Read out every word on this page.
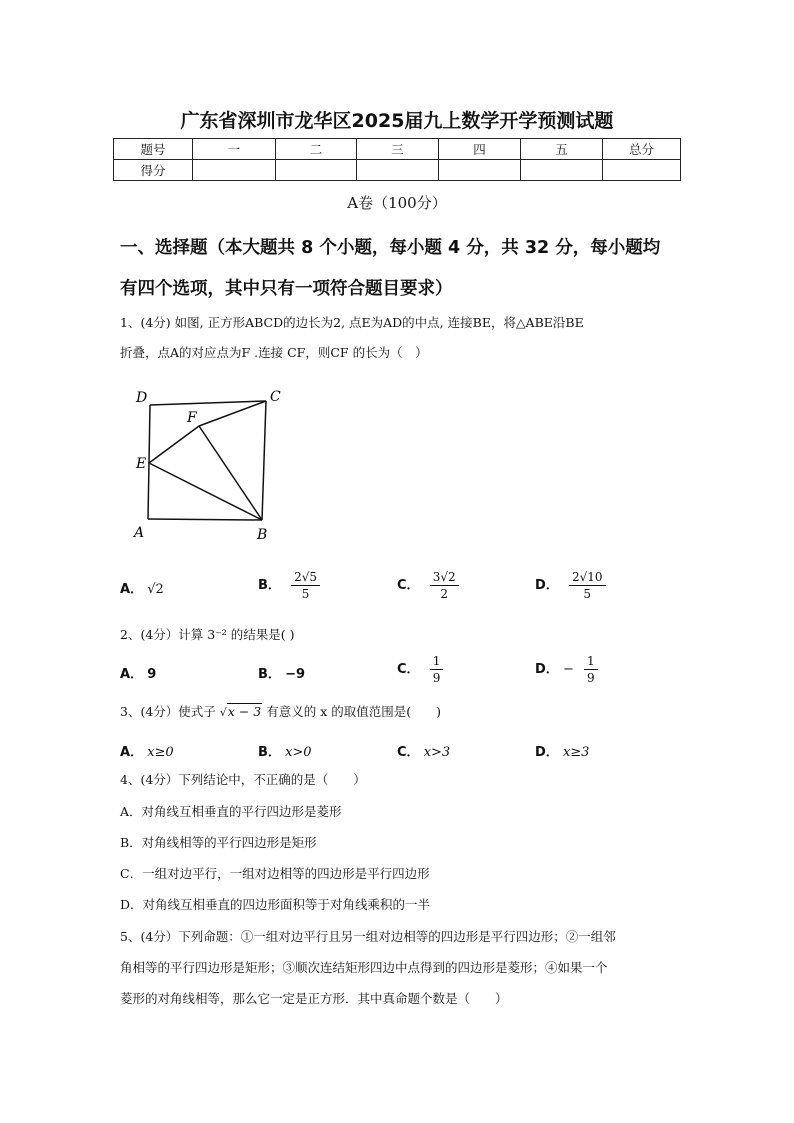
广东省深圳市龙华区2025届九上数学开学预测试题
题号	一	二	三	四	五	总分
得分						
A卷（100分）
一、选择题（本大题共 8 个小题，每小题 4 分，共 32 分，每小题均
有四个选项，其中只有一项符合题目要求）
1、(4分) 如图, 正方形ABCD的边长为2, 点E为AD的中点, 连接BE，将△ABE沿BE
折叠，点A的对应点为F .连接 CF，则CF 的长为（　）
D	C
F
E
A	B
A． √2	B． $\frac{2√5}{5}$	C． $\frac{3√2}{2}$	D． $\frac{2√10}{5}$
2、(4分）计算 3⁻² 的结果是( )
A． 9	B． −9	C． $\frac{1}{9}$	D． − $\frac{1}{9}$
3、(4分）使式子 √x − 3 有意义的 x 的取值范围是(　　)
A． x≥0	B． x>0	C． x>3	D． x≥3
4、(4分）下列结论中，不正确的是（　　）
A．对角线互相垂直的平行四边形是菱形
B．对角线相等的平行四边形是矩形
C．一组对边平行，一组对边相等的四边形是平行四边形
D．对角线互相垂直的四边形面积等于对角线乘积的一半
5、(4分）下列命题：①一组对边平行且另一组对边相等的四边形是平行四边形；②一组邻
角相等的平行四边形是矩形；③顺次连结矩形四边中点得到的四边形是菱形；④如果一个
菱形的对角线相等，那么它一定是正方形．其中真命题个数是（　　）
